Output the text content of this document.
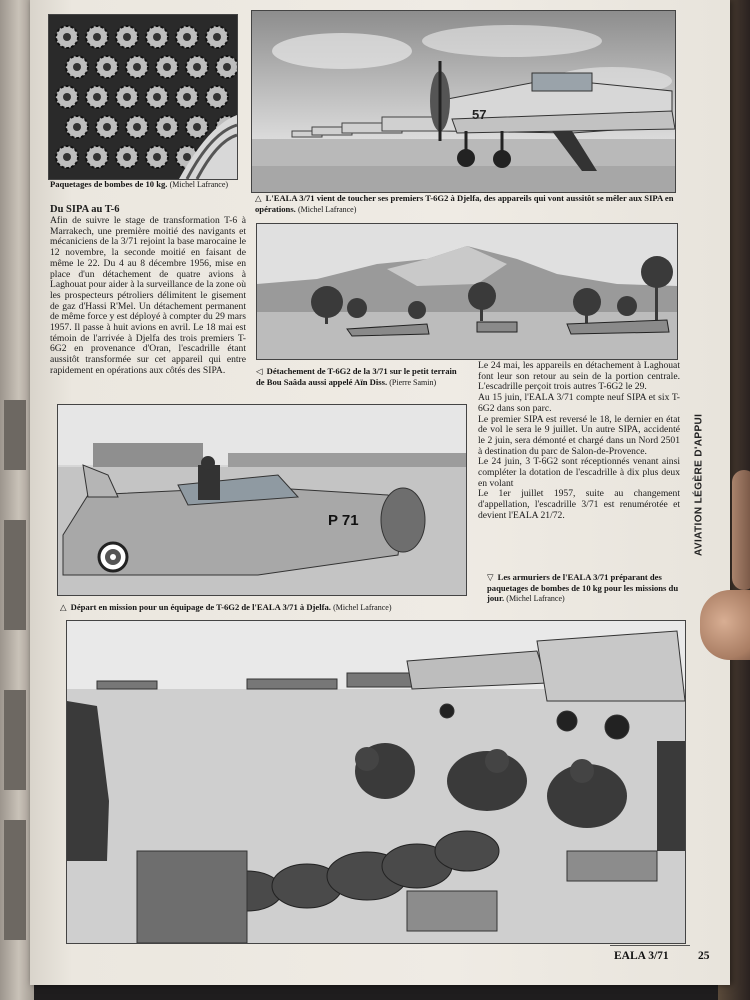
Paquetages de bombes de 10 kg. (Michel Lafrance)
57
△ L'EALA 3/71 vient de toucher ses premiers T-6G2 à Djelfa, des appareils qui vont aussitôt se mêler aux SIPA en opérations. (Michel Lafrance)
Du SIPA au T-6

Afin de suivre le stage de transformation T-6 à Marrakech, une première moitié des navigants et mécaniciens de la 3/71 rejoint la base marocaine le 12 novembre, la seconde moitié en faisant de même le 22. Du 4 au 8 décembre 1956, mise en place d'un détachement de quatre avions à Laghouat pour aider à la surveillance de la zone où les prospecteurs pétroliers délimitent le gisement de gaz d'Hassi R'Mel. Un détachement permanent de même force y est déployé à compter du 29 mars 1957. Il passe à huit avions en avril. Le 18 mai est témoin de l'arrivée à Djelfa des trois premiers T-6G2 en provenance d'Oran, l'escadrille étant aussitôt transformée sur cet appareil qui entre rapidement en opérations aux côtés des SIPA.	◁ Détachement de T-6G2 de la 3/71 sur le petit terrain de Bou Saâda aussi appelé Aïn Diss. (Pierre Samin)

Le 24 mai, les appareils en détachement à Laghouat font leur son retour au sein de la portion centrale. L'escadrille perçoit trois autres T-6G2 le 29.

Au 15 juin, l'EALA 3/71 compte neuf SIPA et six T-6G2 dans son parc.

Le premier SIPA est reversé le 18, le dernier en état de vol le sera le 9 juillet. Un autre SIPA, accidenté le 2 juin, sera démonté et chargé dans un Nord 2501 à destination du parc de Salon-de-Provence.

Le 24 juin, 3 T-6G2 sont réceptionnés venant ainsi compléter la dotation de l'escadrille à dix plus deux en volant

Le 1er juillet 1957, suite au changement d'appellation, l'escadrille 3/71 est renumérotée et devient l'EALA 21/72.

P 71
△ Départ en mission pour un équipage de T-6G2 de l'EALA 3/71 à Djelfa. (Michel Lafrance)
▽ Les armuriers de l'EALA 3/71 préparant des paquetages de bombes de 10 kg pour les missions du jour. (Michel Lafrance)
AVIATION LÉGÈRE D'APPUI
EALA 3/71	25
